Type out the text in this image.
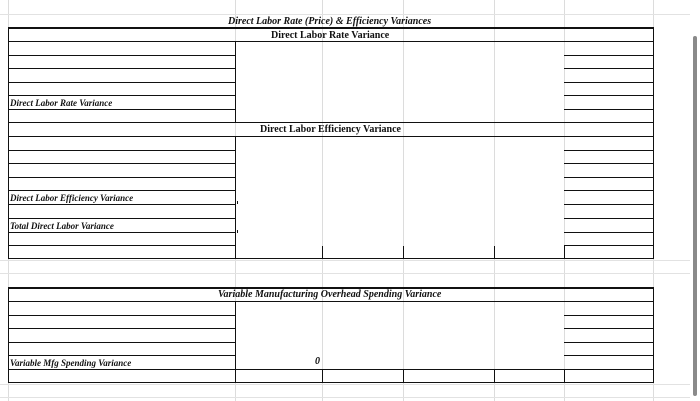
Direct Labor Rate (Price) & Efficiency Variances
Direct Labor Rate Variance
Direct Labor Rate Variance
Direct Labor Efficiency Variance
Direct Labor Efficiency Variance
Total Direct Labor Variance
Variable Manufacturing Overhead Spending Variance
Variable Mfg Spending Variance	0
